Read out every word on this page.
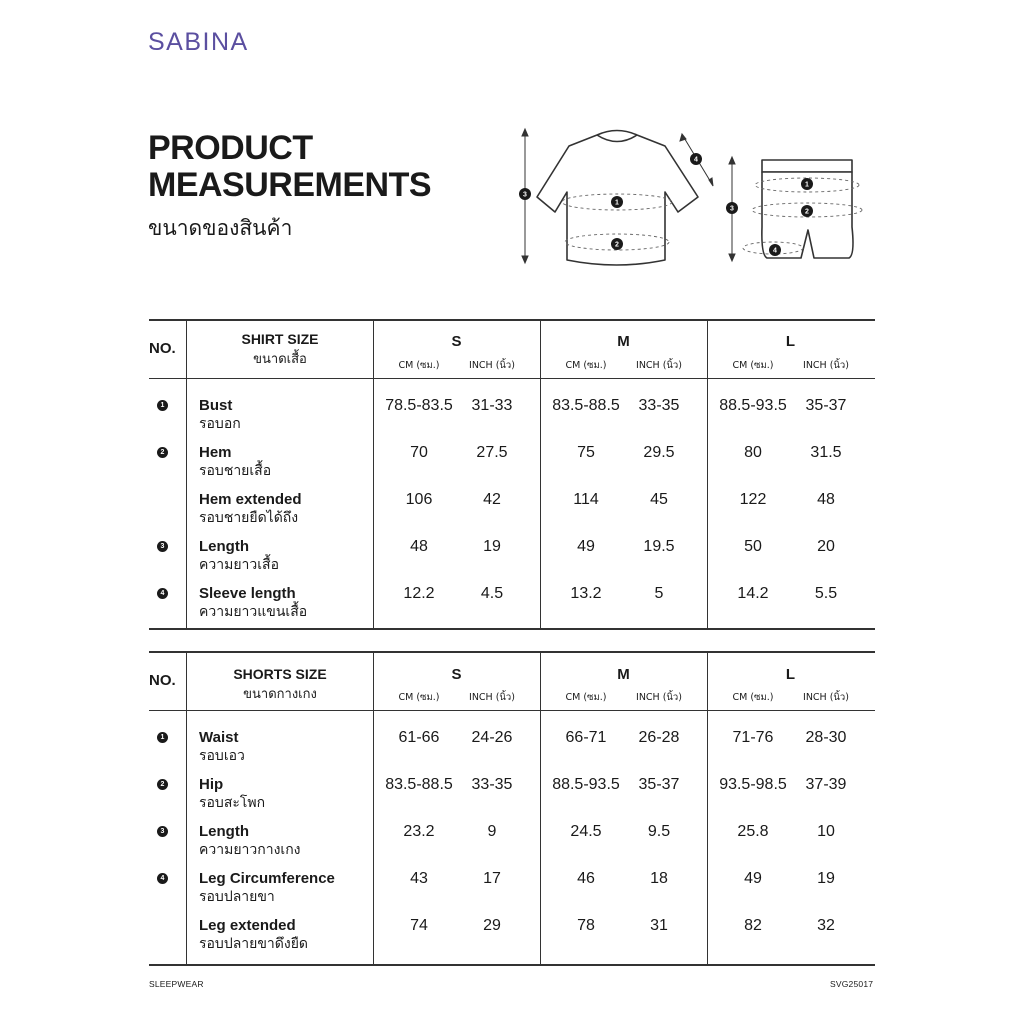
SABINA
PRODUCT
MEASUREMENTS
ขนาดของสินค้า
1
2
3
4
1
2
3
4
NO.
SHIRT SIZE
ขนาดเสื้อ
S	M	L
CM (ซม.)	INCH (นิ้ว)	CM (ซม.)	INCH (นิ้ว)	CM (ซม.)	INCH (นิ้ว)
1 Bust
รอบอก
78.5-83.5	31-33	83.5-88.5	33-35	88.5-93.5	35-37
2 Hem
รอบชายเสื้อ
70	27.5	75	29.5	80	31.5
Hem extended
รอบชายยืดได้ถึง
106	42	114	45	122	48
3 Length
ความยาวเสื้อ
48	19	49	19.5	50	20
4 Sleeve length
ความยาวแขนเสื้อ
12.2	4.5	13.2	5	14.2	5.5
NO.	SHORTS SIZE
ขนาดกางเกง
S	M	L
CM (ซม.)	INCH (นิ้ว)	CM (ซม.)	INCH (นิ้ว)	CM (ซม.)	INCH (นิ้ว)
1 Waist
รอบเอว
61-66	24-26	66-71	26-28	71-76	28-30
2 Hip
รอบสะโพก
83.5-88.5	33-35	88.5-93.5	35-37	93.5-98.5	37-39
3 Length
ความยาวกางเกง
23.2	9	24.5	9.5	25.8	10
4 Leg Circumference
รอบปลายขา
43	17	46	18	49	19
Leg extended
รอบปลายขาดึงยืด
74	29	78	31	82	32
SLEEPWEAR	SVG25017
